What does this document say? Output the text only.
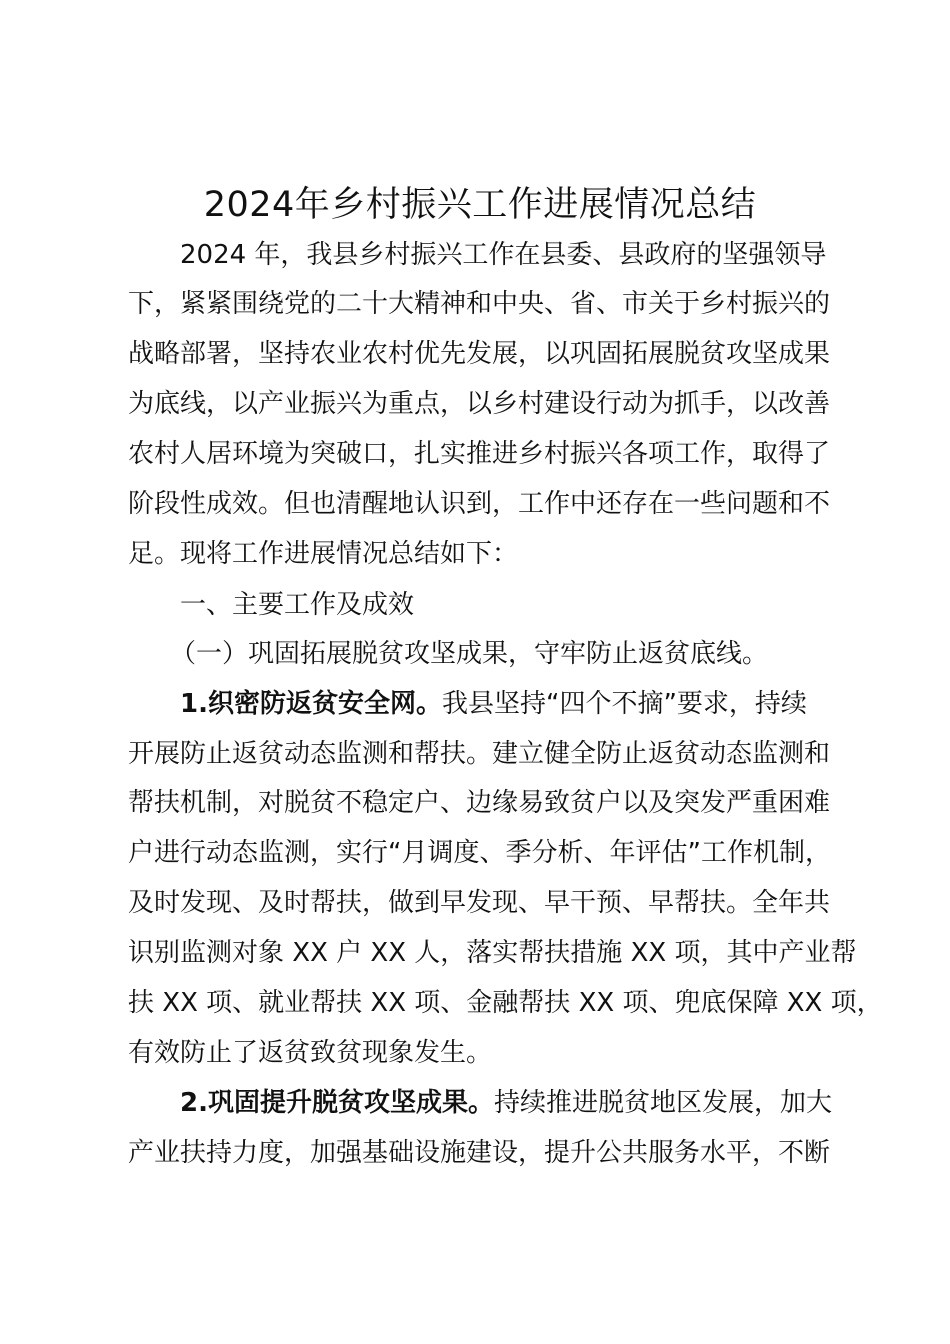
2024年乡村振兴工作进展情况总结
2024 年，我县乡村振兴工作在县委、县政府的坚强领导
下，紧紧围绕党的二十大精神和中央、省、市关于乡村振兴的
战略部署，坚持农业农村优先发展，以巩固拓展脱贫攻坚成果
为底线，以产业振兴为重点，以乡村建设行动为抓手，以改善
农村人居环境为突破口，扎实推进乡村振兴各项工作，取得了
阶段性成效。但也清醒地认识到，工作中还存在一些问题和不
足。现将工作进展情况总结如下：
一、主要工作及成效
（一）巩固拓展脱贫攻坚成果，守牢防止返贫底线。
1.织密防返贫安全网。我县坚持“四个不摘”要求，持续
开展防止返贫动态监测和帮扶。建立健全防止返贫动态监测和
帮扶机制，对脱贫不稳定户、边缘易致贫户以及突发严重困难
户进行动态监测，实行“月调度、季分析、年评估”工作机制，
及时发现、及时帮扶，做到早发现、早干预、早帮扶。全年共
识别监测对象 XX 户 XX 人，落实帮扶措施 XX 项，其中产业帮
扶 XX 项、就业帮扶 XX 项、金融帮扶 XX 项、兜底保障 XX 项，
有效防止了返贫致贫现象发生。
2.巩固提升脱贫攻坚成果。持续推进脱贫地区发展，加大
产业扶持力度，加强基础设施建设，提升公共服务水平，不断
